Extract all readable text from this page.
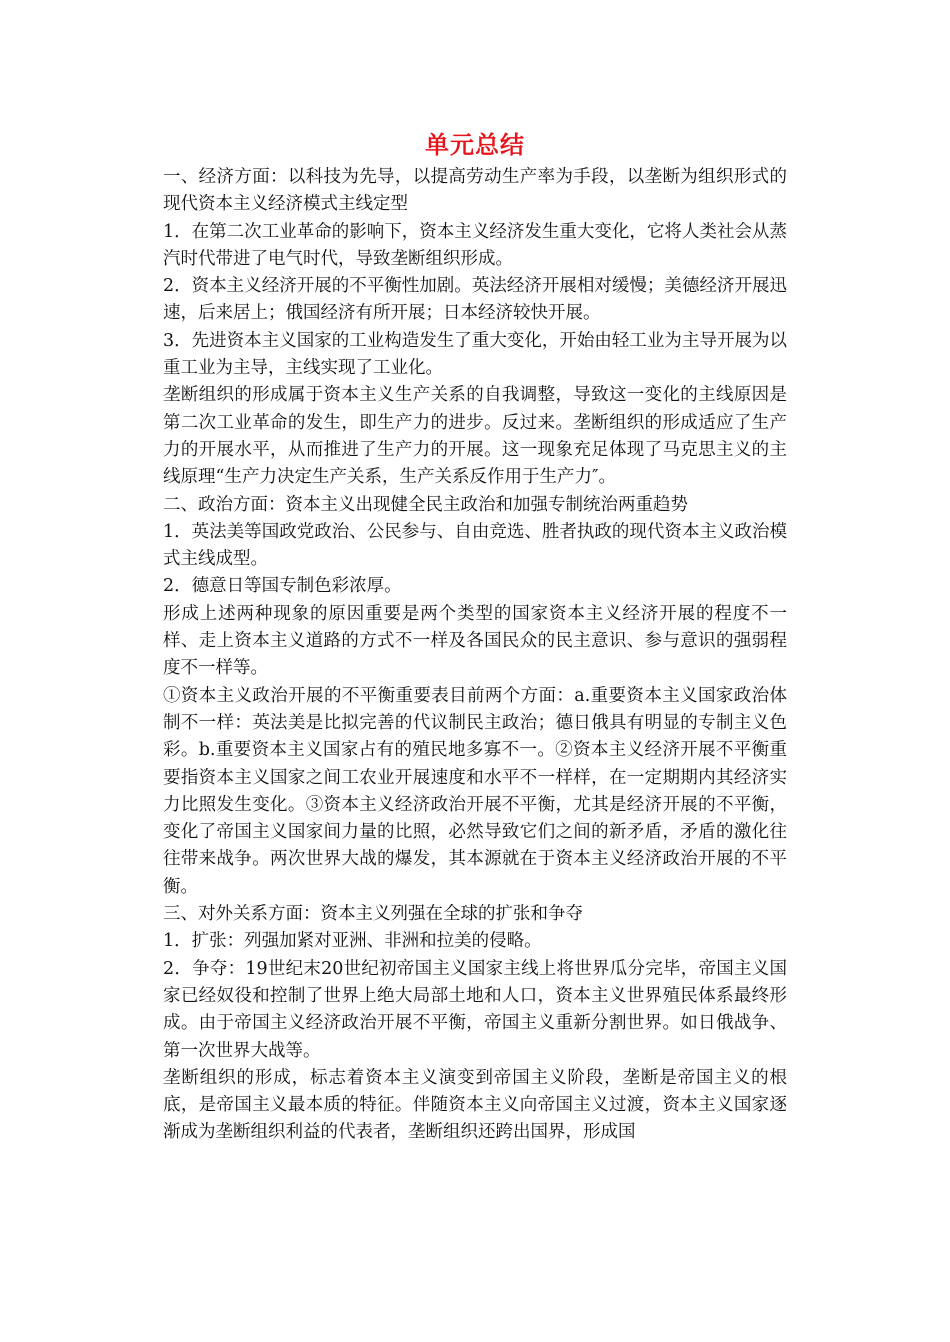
单元总结

一、经济方面：以科技为先导，以提高劳动生产率为手段，以垄断为组织形式的现代资本主义经济模式主线定型

1．在第二次工业革命的影响下，资本主义经济发生重大变化，它将人类社会从蒸汽时代带进了电气时代，导致垄断组织形成。

2．资本主义经济开展的不平衡性加剧。英法经济开展相对缓慢；美德经济开展迅速，后来居上；俄国经济有所开展；日本经济较快开展。

3．先进资本主义国家的工业构造发生了重大变化，开始由轻工业为主导开展为以重工业为主导，主线实现了工业化。

垄断组织的形成属于资本主义生产关系的自我调整，导致这一变化的主线原因是第二次工业革命的发生，即生产力的进步。反过来。垄断组织的形成适应了生产力的开展水平，从而推进了生产力的开展。这一现象充足体现了马克思主义的主线原理“生产力决定生产关系，生产关系反作用于生产力″。

二、政治方面：资本主义出现健全民主政治和加强专制统治两重趋势

1．英法美等国政党政治、公民参与、自由竞选、胜者执政的现代资本主义政治模式主线成型。

2．德意日等国专制色彩浓厚。

形成上述两种现象的原因重要是两个类型的国家资本主义经济开展的程度不一样、走上资本主义道路的方式不一样及各国民众的民主意识、参与意识的强弱程度不一样等。

①资本主义政治开展的不平衡重要表目前两个方面：a.重要资本主义国家政治体制不一样：英法美是比拟完善的代议制民主政治；德日俄具有明显的专制主义色彩。b.重要资本主义国家占有的殖民地多寡不一。②资本主义经济开展不平衡重要指资本主义国家之间工农业开展速度和水平不一样样，在一定期期内其经济实力比照发生变化。③资本主义经济政治开展不平衡，尤其是经济开展的不平衡，变化了帝国主义国家间力量的比照，必然导致它们之间的新矛盾，矛盾的激化往往带来战争。两次世界大战的爆发，其本源就在于资本主义经济政治开展的不平衡。

三、对外关系方面：资本主义列强在全球的扩张和争夺

1．扩张：列强加紧对亚洲、非洲和拉美的侵略。

2．争夺：19世纪末20世纪初帝国主义国家主线上将世界瓜分完毕，帝国主义国家已经奴役和控制了世界上绝大局部土地和人口，资本主义世界殖民体系最终形成。由于帝国主义经济政治开展不平衡，帝国主义重新分割世界。如日俄战争、第一次世界大战等。

垄断组织的形成，标志着资本主义演变到帝国主义阶段，垄断是帝国主义的根底，是帝国主义最本质的特征。伴随资本主义向帝国主义过渡，资本主义国家逐渐成为垄断组织利益的代表者，垄断组织还跨出国界，形成国
